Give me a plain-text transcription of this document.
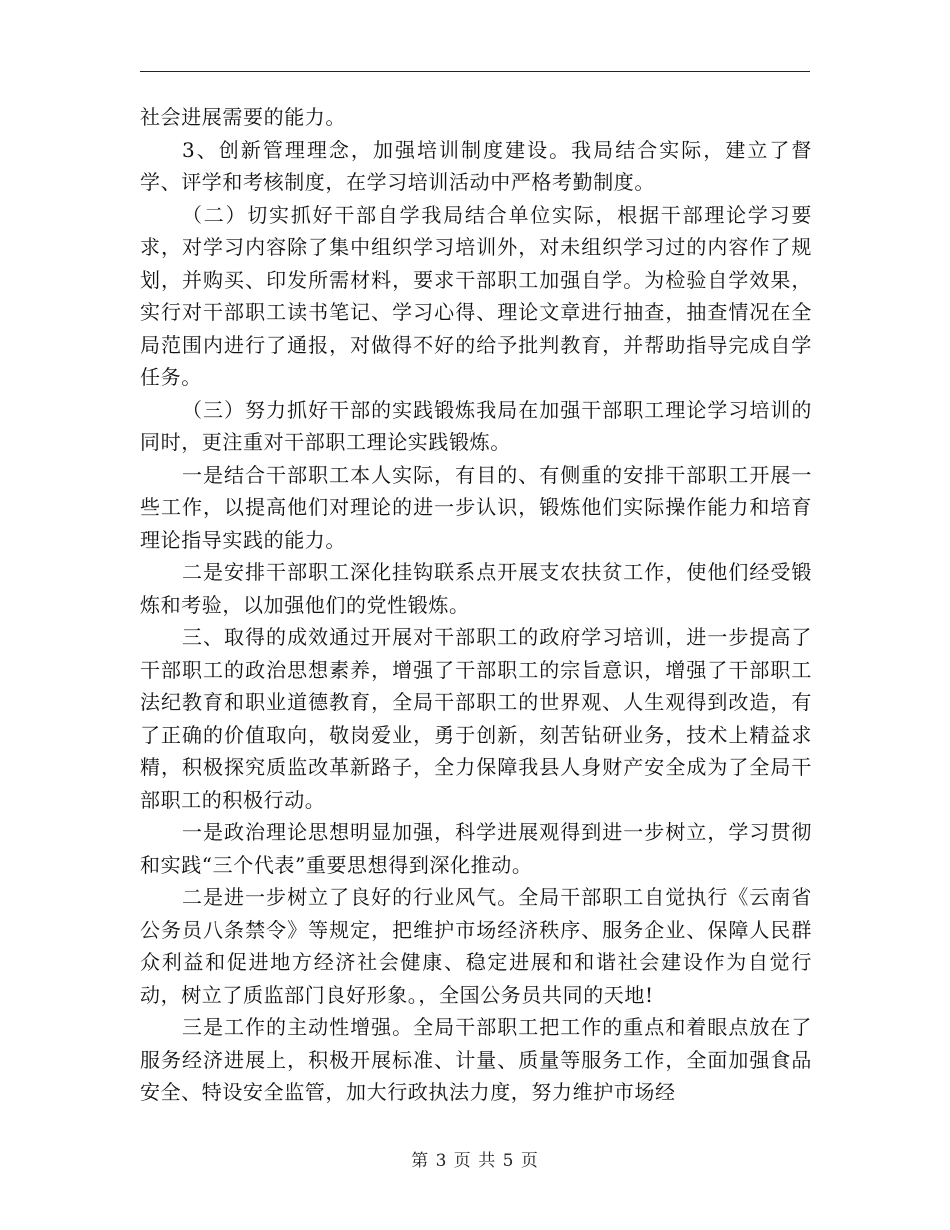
社会进展需要的能力。

3、创新管理理念，加强培训制度建设。我局结合实际，建立了督学、评学和考核制度，在学习培训活动中严格考勤制度。

（二）切实抓好干部自学我局结合单位实际，根据干部理论学习要求，对学习内容除了集中组织学习培训外，对未组织学习过的内容作了规划，并购买、印发所需材料，要求干部职工加强自学。为检验自学效果，实行对干部职工读书笔记、学习心得、理论文章进行抽查，抽查情况在全局范围内进行了通报，对做得不好的给予批判教育，并帮助指导完成自学任务。

（三）努力抓好干部的实践锻炼我局在加强干部职工理论学习培训的同时，更注重对干部职工理论实践锻炼。

一是结合干部职工本人实际，有目的、有侧重的安排干部职工开展一些工作，以提高他们对理论的进一步认识，锻炼他们实际操作能力和培育理论指导实践的能力。

二是安排干部职工深化挂钩联系点开展支农扶贫工作，使他们经受锻炼和考验，以加强他们的党性锻炼。

三、取得的成效通过开展对干部职工的政府学习培训，进一步提高了干部职工的政治思想素养，增强了干部职工的宗旨意识，增强了干部职工法纪教育和职业道德教育，全局干部职工的世界观、人生观得到改造，有了正确的价值取向，敬岗爱业，勇于创新，刻苦钻研业务，技术上精益求精，积极探究质监改革新路子，全力保障我县人身财产安全成为了全局干部职工的积极行动。

一是政治理论思想明显加强，科学进展观得到进一步树立，学习贯彻和实践“三个代表”重要思想得到深化推动。

二是进一步树立了良好的行业风气。全局干部职工自觉执行《云南省公务员八条禁令》等规定，把维护市场经济秩序、服务企业、保障人民群众利益和促进地方经济社会健康、稳定进展和和谐社会建设作为自觉行动，树立了质监部门良好形象。，全国公务员共同的天地!

三是工作的主动性增强。全局干部职工把工作的重点和着眼点放在了服务经济进展上，积极开展标准、计量、质量等服务工作，全面加强食品安全、特设安全监管，加大行政执法力度，努力维护市场经

第 3 页 共 5 页
